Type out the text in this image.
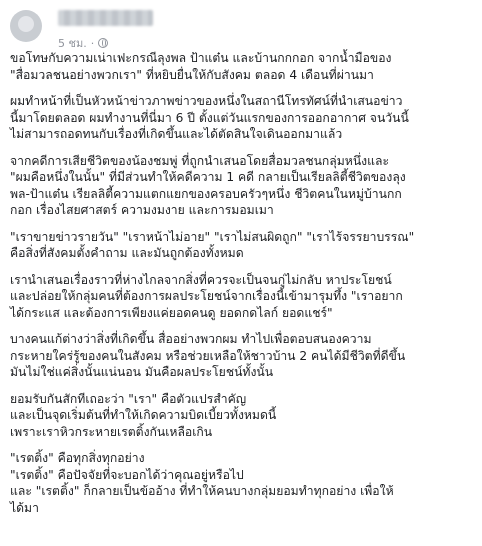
5 ชม. ·

ขอโทษกับความเน่าเฟะกรณีลุงพล ป้าแต๋น และบ้านกกกอก จากน้ำมือของ
"สื่อมวลชนอย่างพวกเรา" ที่หยิบยื่นให้กับสังคม ตลอด 4 เดือนที่ผ่านมา

ผมทำหน้าที่เป็นหัวหน้าข่าวภาพข่าวของหนึ่งในสถานีโทรทัศน์ที่นำเสนอข่าว
นี้มาโดยตลอด ผมทำงานที่นี่มา 6 ปี ตั้งแต่วันแรกของการออกอากาศ จนวันนี้
ไม่สามารถอดทนกับเรื่องที่เกิดขึ้นและได้ตัดสินใจเดินออกมาแล้ว

จากคดีการเสียชีวิตของน้องชมพู่ ที่ถูกนำเสนอโดยสื่อมวลชนกลุ่มหนึ่งและ
"ผมคือหนึ่งในนั้น" ที่มีส่วนทำให้คดีความ 1 คดี กลายเป็นเรียลลิตี้ชีวิตของลุง
พล-ป้าแต๋น เรียลลิตี้ความแตกแยกของครอบครัวๆหนึ่ง ชีวิตคนในหมู่บ้านกก
กอก เรื่องไสยศาสตร์ ความงมงาย และการมอมเมา

"เราขายข่าวรายวัน" "เราหน้าไม่อาย" "เราไม่สนผิดถูก" "เราไร้จรรยาบรรณ"
คือสิ่งที่สังคมตั้งคำถาม และมันถูกต้องทั้งหมด

เรานำเสนอเรื่องราวที่ห่างไกลจากสิ่งที่ควรจะเป็นจนกู่ไม่กลับ หาประโยชน์
และปล่อยให้กลุ่มคนที่ต้องการผลประโยชน์จากเรื่องนี้เข้ามารุมทึ้ง "เราอยาก
ได้กระแส และต้องการเพียงแค่ยอดคนดู ยอดกดไลก์ ยอดแชร์"

บางคนแก้ต่างว่าสิ่งที่เกิดขึ้น สื่ออย่างพวกผม ทำไปเพื่อตอบสนองความ
กระหายใคร่รู้ของคนในสังคม หรือช่วยเหลือให้ชาวบ้าน 2 คนได้มีชีวิตที่ดีขึ้น
มันไม่ใช่แค่สิ่งนั้นแน่นอน มันคือผลประโยชน์ทั้งนั้น

ยอมรับกันสักทีเถอะว่า "เรา" คือตัวแปรสำคัญ
และเป็นจุดเริ่มต้นที่ทำให้เกิดความบิดเบี้ยวทั้งหมดนี้
เพราะเราหิวกระหายเรตติ้งกันเหลือเกิน

"เรตติ้ง" คือทุกสิ่งทุกอย่าง
"เรตติ้ง" คือปัจจัยที่จะบอกได้ว่าคุณอยู่หรือไป
และ "เรตติ้ง" ก็กลายเป็นข้ออ้าง ที่ทำให้คนบางกลุ่มยอมทำทุกอย่าง เพื่อให้
ได้มา
